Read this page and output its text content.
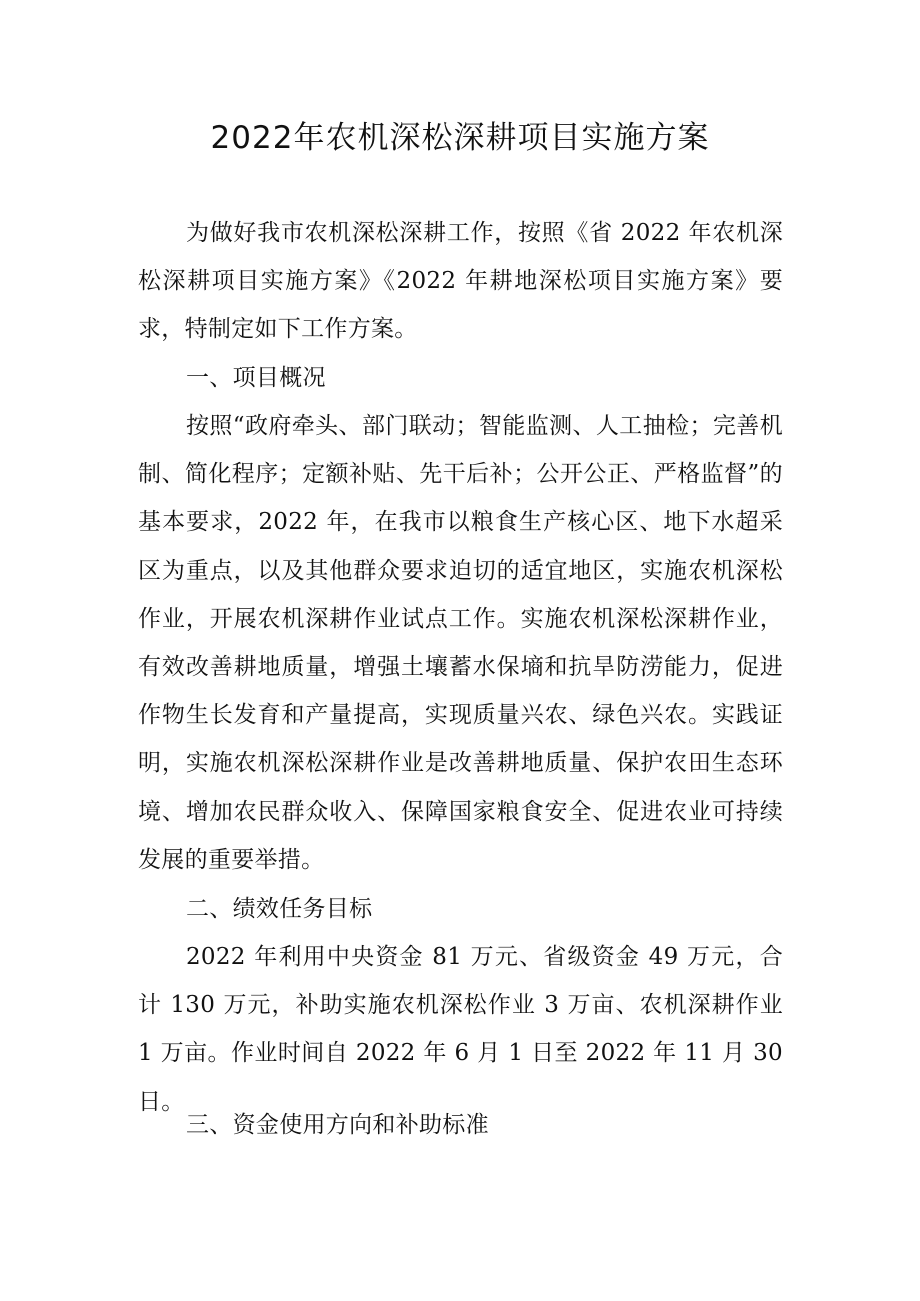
2022年农机深松深耕项目实施方案

为做好我市农机深松深耕工作，按照《省 2022 年农机深松深耕项目实施方案》《2022 年耕地深松项目实施方案》要求，特制定如下工作方案。

一、项目概况

按照“政府牵头、部门联动；智能监测、人工抽检；完善机制、简化程序；定额补贴、先干后补；公开公正、严格监督”的基本要求，2022 年，在我市以粮食生产核心区、地下水超采区为重点，以及其他群众要求迫切的适宜地区，实施农机深松作业，开展农机深耕作业试点工作。实施农机深松深耕作业，有效改善耕地质量，增强土壤蓄水保墒和抗旱防涝能力，促进作物生长发育和产量提高，实现质量兴农、绿色兴农。实践证明，实施农机深松深耕作业是改善耕地质量、保护农田生态环境、增加农民群众收入、保障国家粮食安全、促进农业可持续发展的重要举措。

二、绩效任务目标

2022 年利用中央资金 81 万元、省级资金 49 万元，合计 130 万元，补助实施农机深松作业 3 万亩、农机深耕作业 1 万亩。作业时间自 2022 年 6 月 1 日至 2022 年 11 月 30 日。

三、资金使用方向和补助标准
